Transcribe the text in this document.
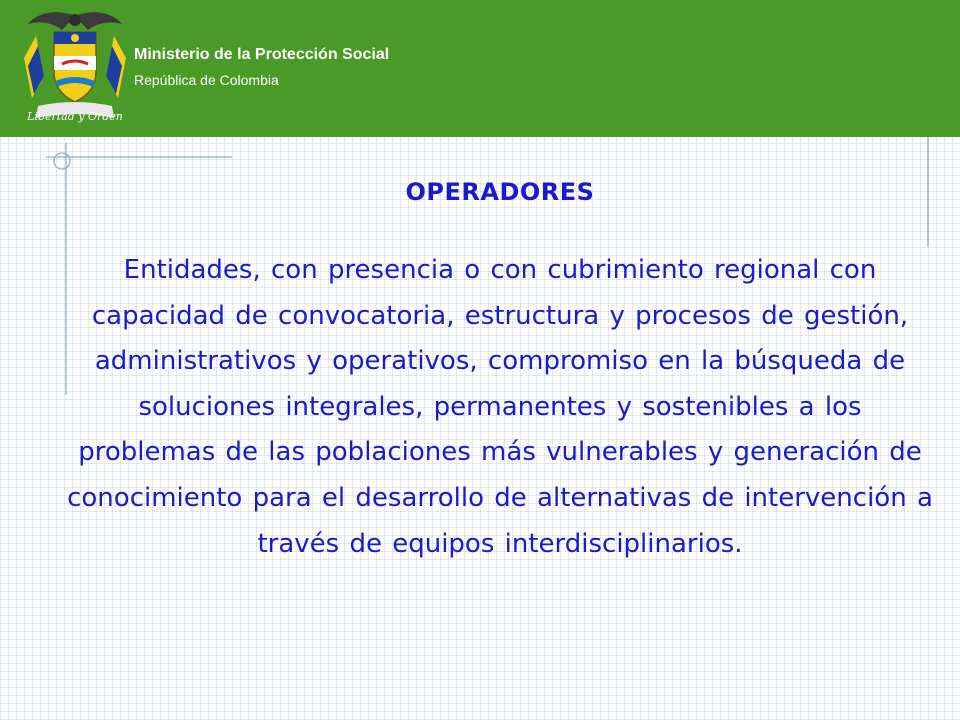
Libertad y Orden
Ministerio de la Protección Social
República de Colombia
OPERADORES
Entidades, con presencia o con cubrimiento regional con capacidad de convocatoria, estructura y procesos de gestión, administrativos y operativos, compromiso en la búsqueda de soluciones integrales, permanentes y sostenibles a los problemas de las poblaciones más vulnerables y generación de conocimiento para el desarrollo de alternativas de intervención a través de equipos interdisciplinarios.
